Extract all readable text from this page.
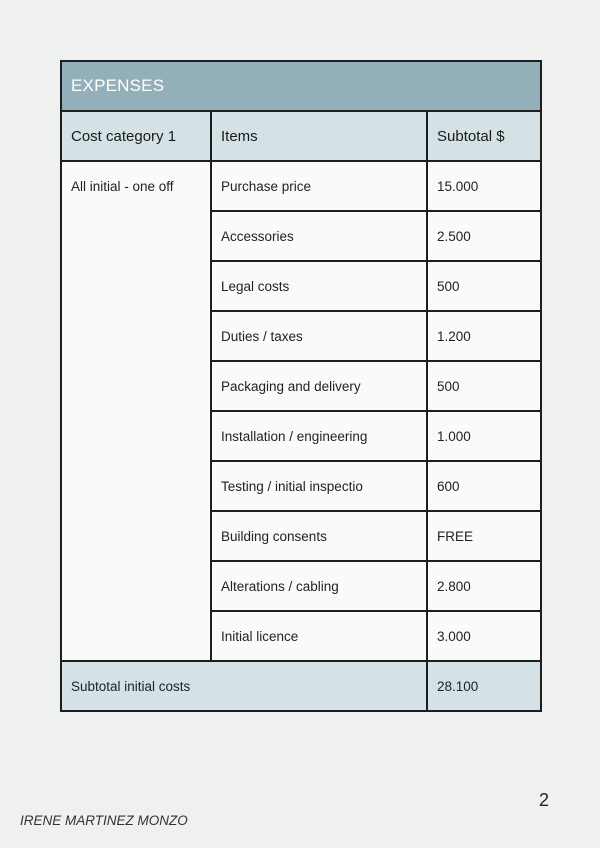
EXPENSES		
Cost category 1	Items	Subtotal $
All initial - one off	Purchase price	15.000
	Accessories	2.500
	Legal costs	500
	Duties / taxes	1.200
	Packaging and delivery	500
	Installation / engineering	1.000
	Testing / initial inspectio	600
	Building consents	FREE
	Alterations / cabling	2.800
	Initial licence	3.000
Subtotal initial costs		28.100
2
IRENE MARTINEZ MONZO
